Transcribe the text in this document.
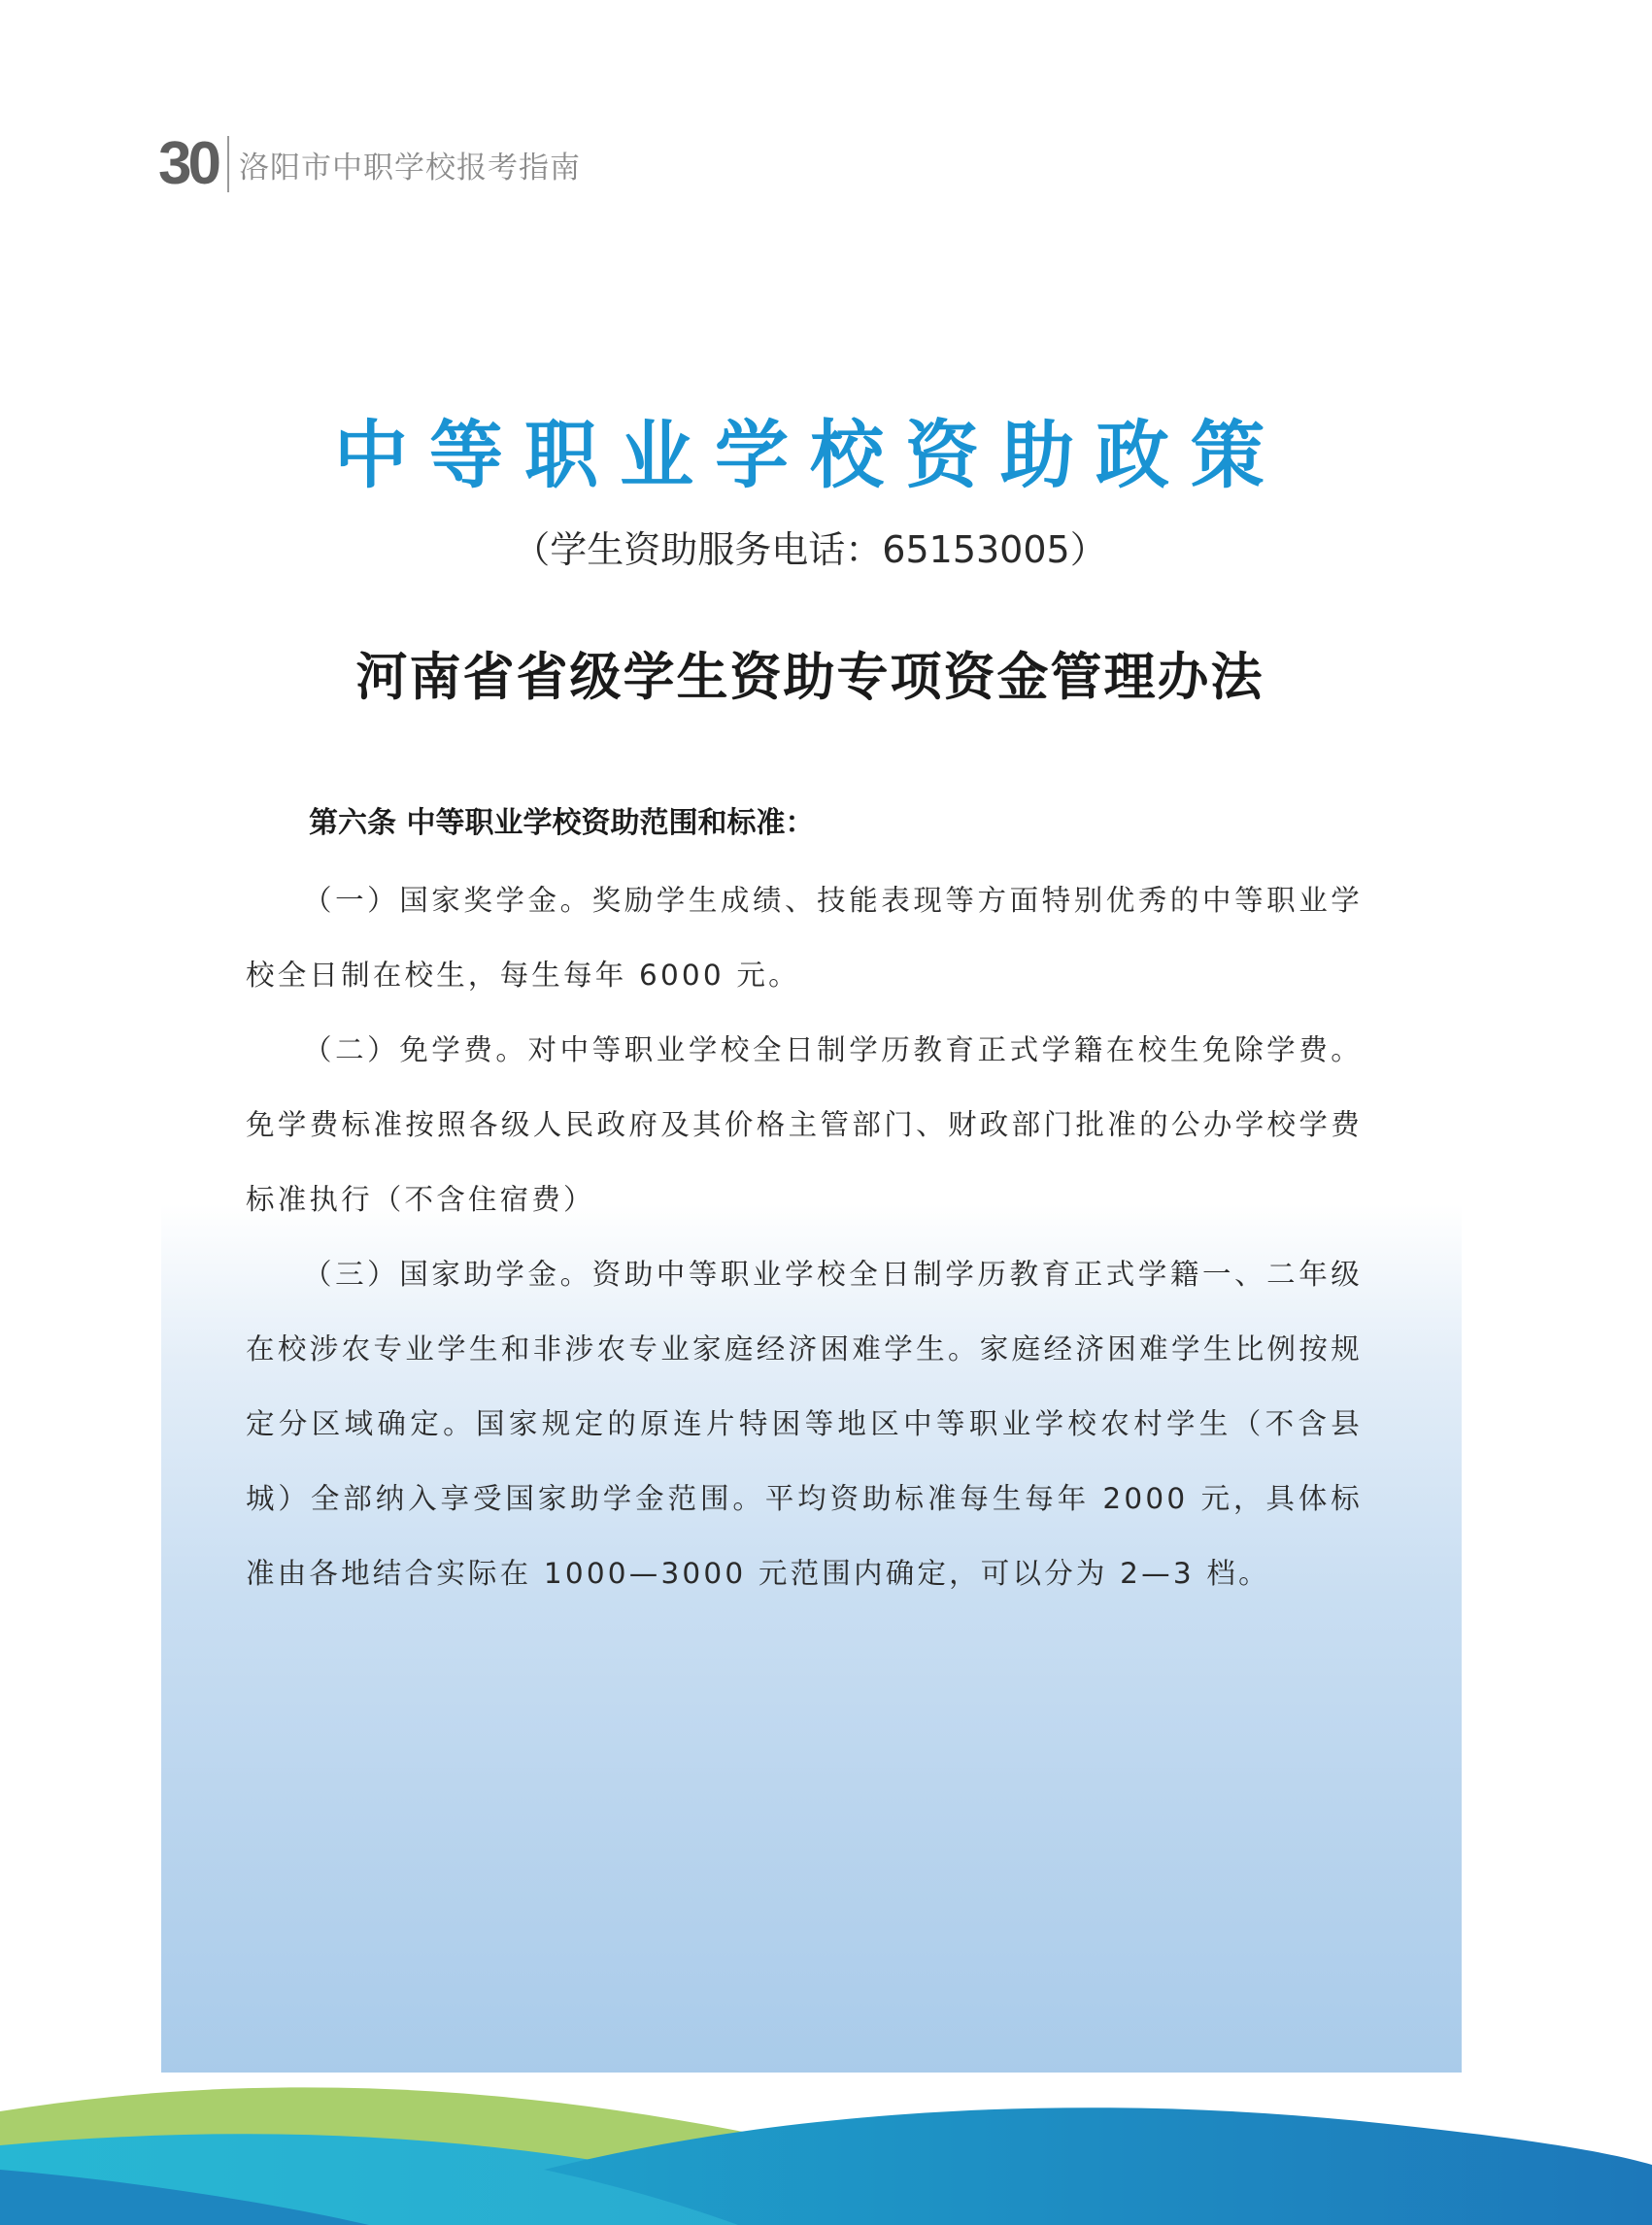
30 洛阳市中职学校报考指南
中等职业学校资助政策
（学生资助服务电话：65153005）
河南省省级学生资助专项资金管理办法
第六条 中等职业学校资助范围和标准：

（一）国家奖学金。奖励学生成绩、技能表现等方面特别优秀的中等职业学校全日制在校生，每生每年 6000 元。

（二）免学费。对中等职业学校全日制学历教育正式学籍在校生免除学费。免学费标准按照各级人民政府及其价格主管部门、财政部门批准的公办学校学费标准执行（不含住宿费）

（三）国家助学金。资助中等职业学校全日制学历教育正式学籍一、二年级在校涉农专业学生和非涉农专业家庭经济困难学生。家庭经济困难学生比例按规定分区域确定。国家规定的原连片特困等地区中等职业学校农村学生（不含县城）全部纳入享受国家助学金范围。平均资助标准每生每年 2000 元，具体标准由各地结合实际在 1000—3000 元范围内确定，可以分为 2—3 档。
